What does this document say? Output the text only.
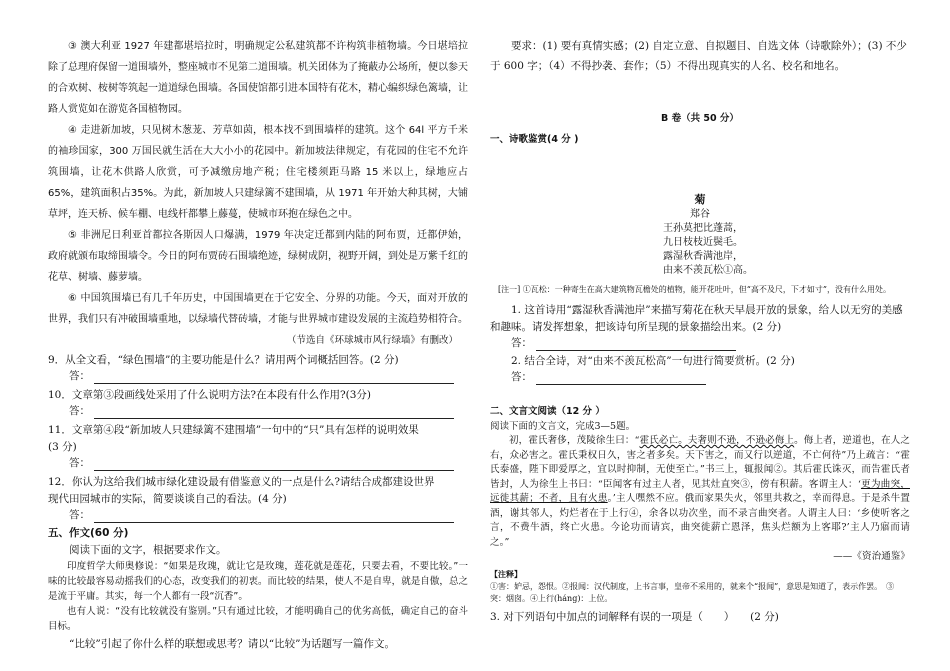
③ 澳大利亚 1927 年建都堪培拉时，明确规定公私建筑都不许构筑非植物墙。今日堪培拉除了总理府保留一道围墙外，整座城市不见第二道围墙。机关团体为了掩蔽办公场所，便以参天的合欢树、桉树等筑起一道道绿色围墙。各国使馆都引进本国特有花木，精心编织绿色篱墙，让路人赏览如在游览各国植物园。

④ 走进新加坡，只见树木葱茏、芳草如茵，根本找不到围墙样的建筑。这个 64l 平方千米的袖珍国家，300 万国民就生活在大大小小的花园中。新加坡法律规定，有花园的住宅不允许筑围墙，让花木供路人欣赏，可予减缴房地产税；住宅楼须距马路 15 米以上，绿地应占65%，建筑面积占35%。为此，新加坡人只建绿篱不建围墙，从 1971 年开始大种其树，大铺草坪，连天桥、候车棚、电线杆都攀上藤蔓，使城市环抱在绿色之中。

⑤ 非洲尼日利亚首都拉各斯因人口爆满，1979 年决定迁都到内陆的阿布贾，迁都伊始，政府就颁布取缔围墙令。今日的阿布贾砖石围墙绝迹，绿树成阴，视野开阔，到处是万紫千红的花草、树墙、藤萝墙。

⑥ 中国筑围墙已有几千年历史，中国围墙更在于它安全、分界的功能。今天，面对开放的世界，我们只有冲破围墙重地，以绿墙代替砖墙，才能与世界城市建设发展的主流趋势相符合。

（节选自《环球城市风行绿墙》有删改）

9．从全文看，“绿色围墙”的主要功能是什么？请用两个词概括回答。(2 分)

答：

10．文章第③段画线处采用了什么说明方法?在本段有什么作用?(3分)

答：

11．文章第④段“新加坡人只建绿篱不建围墙”一句中的“只”具有怎样的说明效果
(3 分)

答：

12．你认为这给我们城市绿化建设最有借鉴意义的一点是什么?请结合成都建设世界
现代田园城市的实际，简要谈谈自己的看法。(4 分)

答：

五、作文(60 分)

阅读下面的文字，根据要求作文。

印度哲学大师奥修说：“如果是玫瑰，就让它是玫瑰，莲花就是莲花，只要去看，不要比较。”一味的比较最容易动摇我们的心态，改变我们的初衷。而比较的结果，使人不是自卑，就是自傲，总之是流于平庸。其实，每一个人都有一段“沉香”。

也有人说：“没有比较就没有鉴别。”只有通过比较，才能明确自己的优劣高低，确定自己的奋斗目标。

“比较”引起了你什么样的联想或思考？请以“比较”为话题写一篇作文。

要求：(1) 要有真情实感；(2) 自定立意、自拟题目、自选文体（诗歌除外）；(3) 不少于 600 字；（4）不得抄袭、套作；（5）不得出现真实的人名、校名和地名。

B 卷（共 50 分）

一、诗歌鉴赏(4 分 )

菊
郑谷
王孙莫把比蓬蒿，
九日枝枝近鬓毛。
露湿秋香满池岸，
由来不羡瓦松①高。

[注一] ①瓦松：一种寄生在高大建筑物瓦檐处的植物，能开花吐叶，但“高不及尺，下才如寸”，没有什么用处。

1. 这首诗用“露湿秋香满池岸”来描写菊花在秋天早晨开放的景象，给人以无穷的美感和趣味。请发挥想象，把该诗句所呈现的景象描绘出来。(2 分)

答：

2. 结合全诗，对“由来不羡瓦松高”一句进行简要赏析。(2 分)

答：

二、文言文阅读（12 分 ）

阅读下面的文言文，完成3—5题。

初，霍氏奢侈，茂陵徐生曰：“霍氏必亡。夫奢则不逊，不逊必侮上。侮上者，逆道也，在人之右，众必害之。霍氏秉权日久，害之者多矣。天下害之，而又行以逆道，不亡何待”乃上疏言：“霍氏泰盛，陛下即爱厚之，宜以时抑制，无使至亡。”书三上，辄报闻②。其后霍氏诛灭，而告霍氏者皆封，人为徐生上书曰：“臣闻客有过主人者，见其灶直突③，傍有积薪。客谓主人：‘更为曲突，远徙其薪；不者，且有火患。’主人嘿然不应。俄而家果失火，邻里共救之，幸而得息。于是杀牛置酒，谢其邻人，灼烂者在于上行④，余各以功次坐，而不录言曲突者。人谓主人曰：‘乡使听客之言，不费牛酒，终亡火患。今论功而请宾，曲突徙薪亡恩泽，焦头烂额为上客耶?’主人乃寤而请之。”

——《资治通鉴》

【注释】

①害：妒忌，怨恨。②报闻：汉代制度，上书言事，皇帝不采用的，就来个“报闻”，意思是知道了，表示作罢。　③突：烟囱。④上行(háng)：上位。

3. 对下列语句中加点的词解释有误的一项是（　　）　　(2 分)
